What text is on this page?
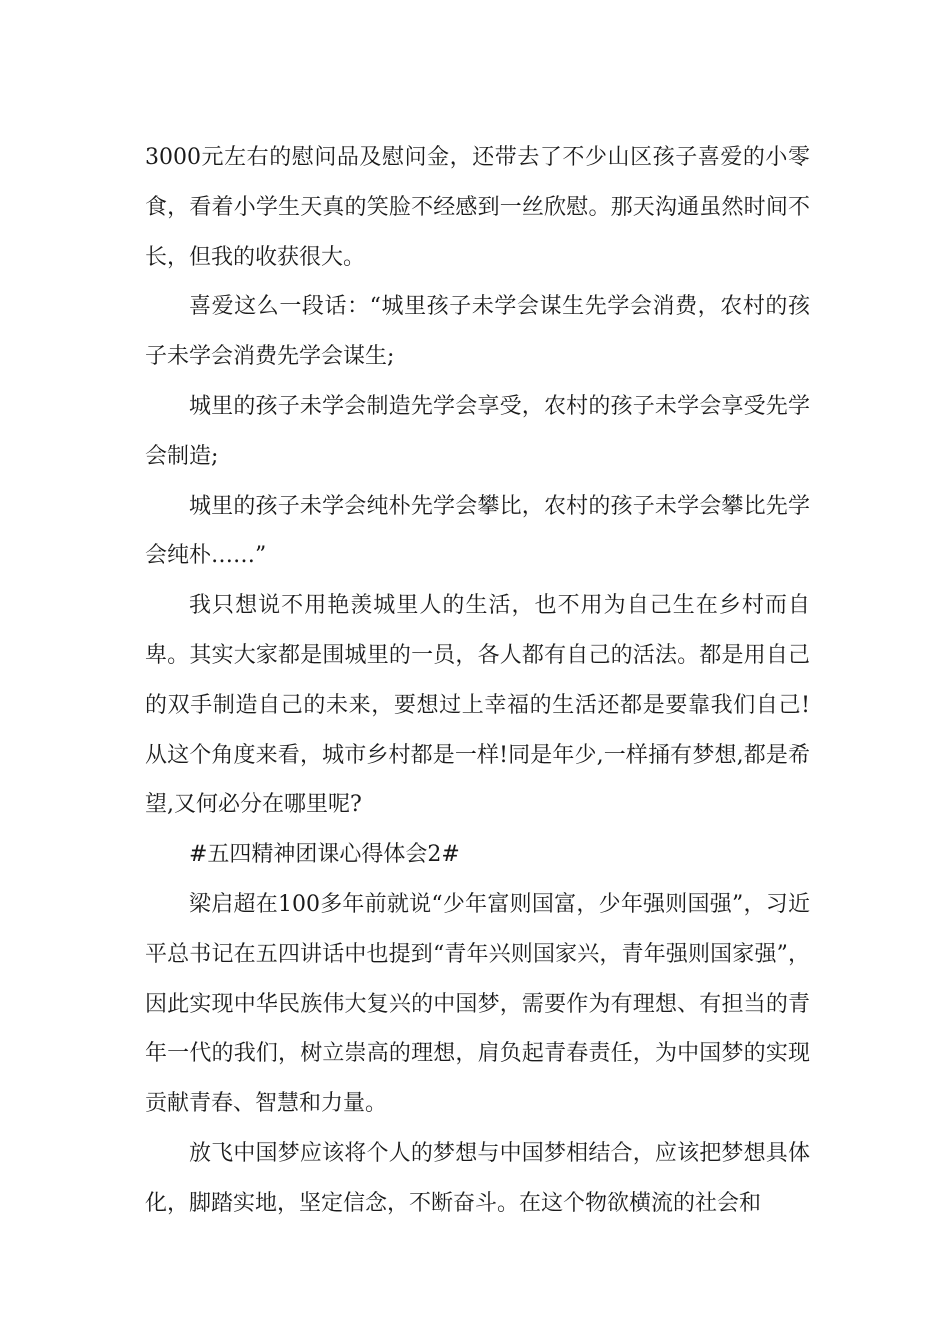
3000元左右的慰问品及慰问金，还带去了不少山区孩子喜爱的小零食，看着小学生天真的笑脸不经感到一丝欣慰。那天沟通虽然时间不长，但我的收获很大。

喜爱这么一段话：“城里孩子未学会谋生先学会消费，农村的孩子未学会消费先学会谋生;

城里的孩子未学会制造先学会享受，农村的孩子未学会享受先学会制造;

城里的孩子未学会纯朴先学会攀比，农村的孩子未学会攀比先学会纯朴……”

我只想说不用艳羡城里人的生活，也不用为自己生在乡村而自卑。其实大家都是围城里的一员，各人都有自己的活法。都是用自己的双手制造自己的未来，要想过上幸福的生活还都是要靠我们自己!从这个角度来看，城市乡村都是一样!同是年少,一样捅有梦想,都是希望,又何必分在哪里呢?

#五四精神团课心得体会2#

梁启超在100多年前就说“少年富则国富，少年强则国强”，习近平总书记在五四讲话中也提到“青年兴则国家兴，青年强则国家强”，因此实现中华民族伟大复兴的中国梦，需要作为有理想、有担当的青年一代的我们，树立崇高的理想，肩负起青春责任，为中国梦的实现贡献青春、智慧和力量。

放飞中国梦应该将个人的梦想与中国梦相结合，应该把梦想具体化，脚踏实地，坚定信念，不断奋斗。在这个物欲横流的社会和
